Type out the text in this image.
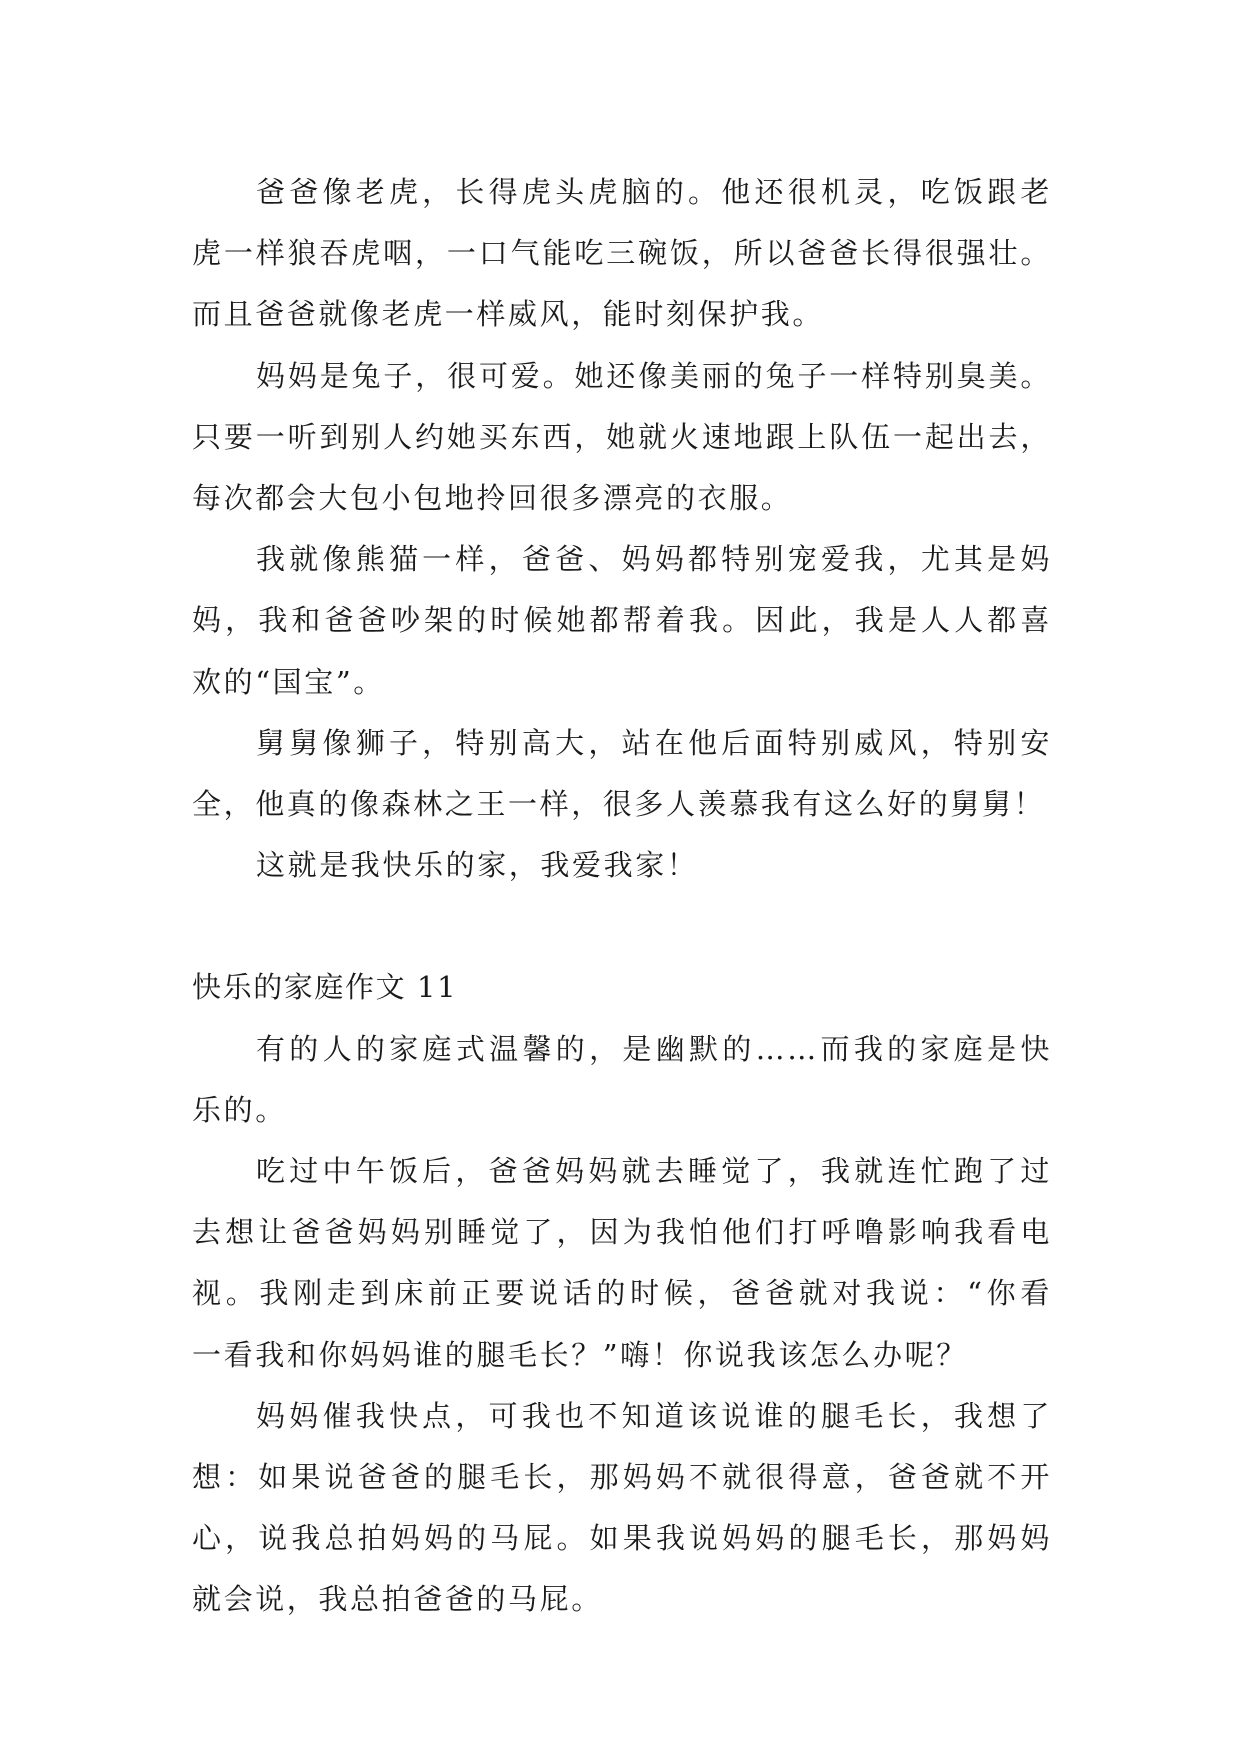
爸爸像老虎，长得虎头虎脑的。他还很机灵，吃饭跟老
虎一样狼吞虎咽，一口气能吃三碗饭，所以爸爸长得很强壮。
而且爸爸就像老虎一样威风，能时刻保护我。

妈妈是兔子，很可爱。她还像美丽的兔子一样特别臭美。
只要一听到别人约她买东西，她就火速地跟上队伍一起出去，
每次都会大包小包地拎回很多漂亮的衣服。

我就像熊猫一样，爸爸、妈妈都特别宠爱我，尤其是妈
妈，我和爸爸吵架的时候她都帮着我。因此，我是人人都喜
欢的“国宝”。

舅舅像狮子，特别高大，站在他后面特别威风，特别安
全，他真的像森林之王一样，很多人羡慕我有这么好的舅舅！

这就是我快乐的家，我爱我家！

快乐的家庭作文 11

有的人的家庭式温馨的，是幽默的……而我的家庭是快
乐的。

吃过中午饭后，爸爸妈妈就去睡觉了，我就连忙跑了过
去想让爸爸妈妈别睡觉了，因为我怕他们打呼噜影响我看电
视。我刚走到床前正要说话的时候，爸爸就对我说：“你看
一看我和你妈妈谁的腿毛长？”嗨！你说我该怎么办呢？

妈妈催我快点，可我也不知道该说谁的腿毛长，我想了
想：如果说爸爸的腿毛长，那妈妈不就很得意，爸爸就不开
心，说我总拍妈妈的马屁。如果我说妈妈的腿毛长，那妈妈
就会说，我总拍爸爸的马屁。
